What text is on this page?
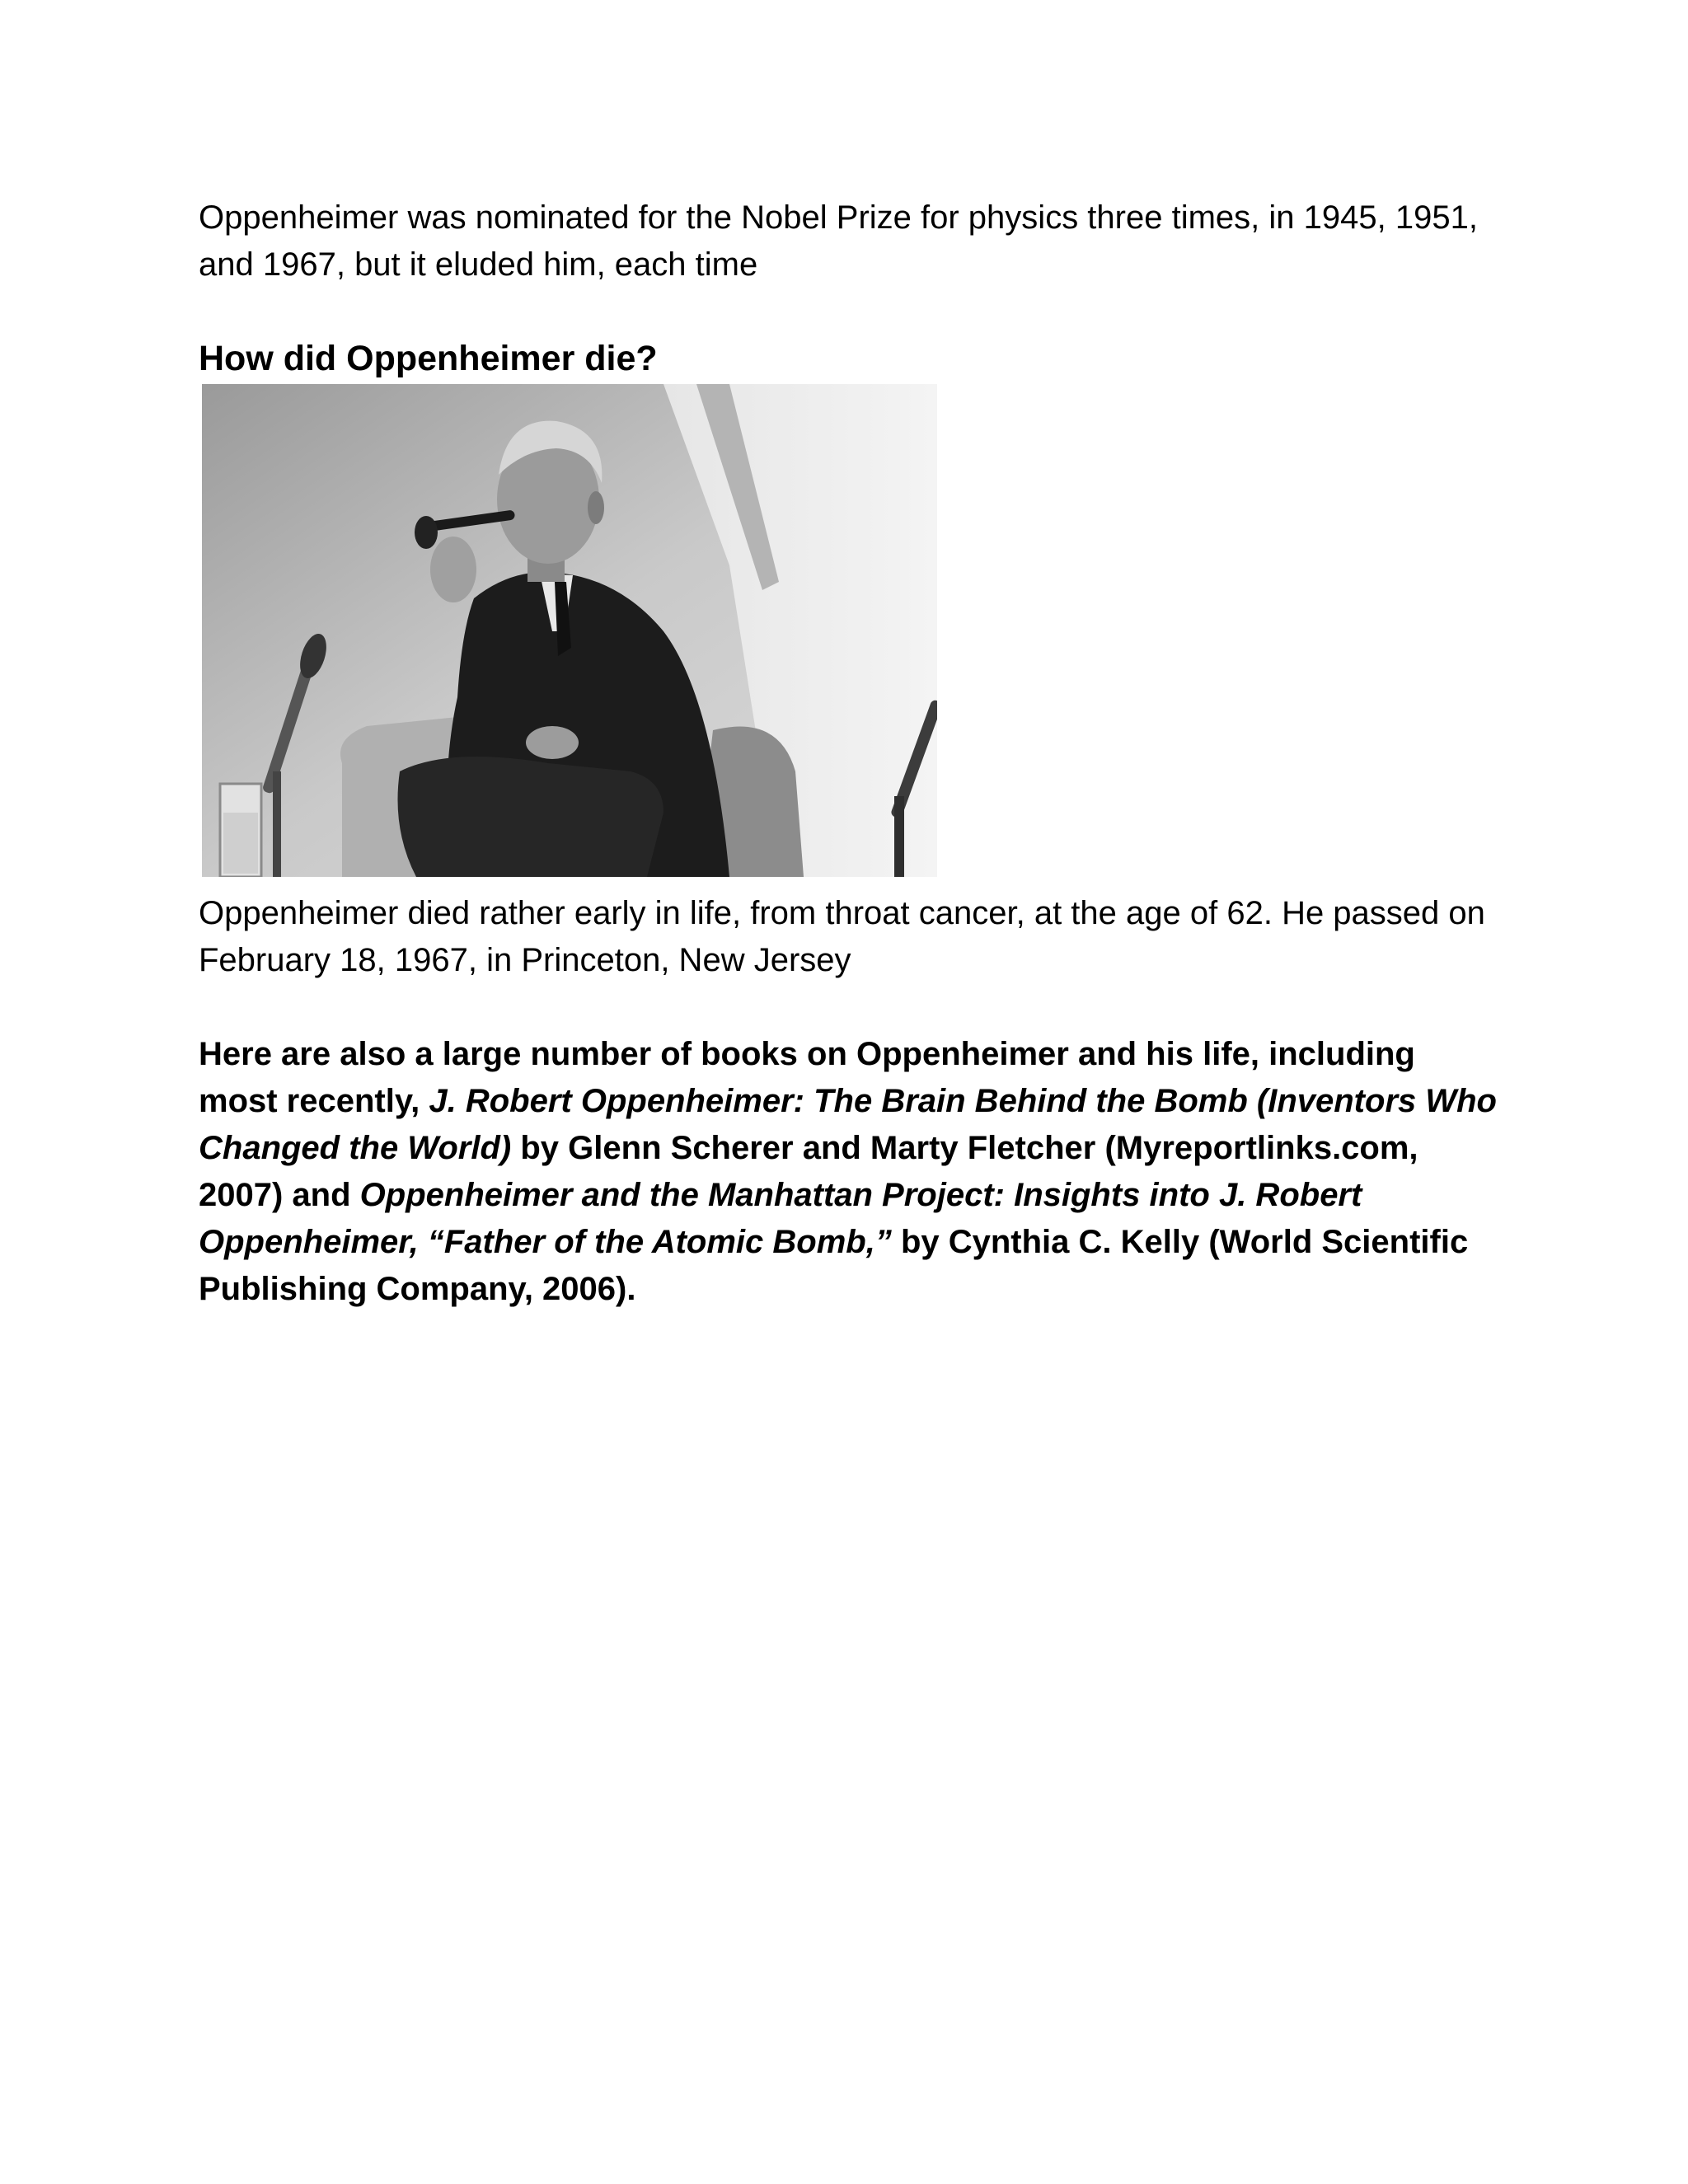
Oppenheimer was nominated for the Nobel Prize for physics three times, in 1945, 1951, and 1967, but it eluded him, each time

How did Oppenheimer die?

Oppenheimer died rather early in life, from throat cancer, at the age of 62. He passed on February 18, 1967, in Princeton, New Jersey

Here are also a large number of books on Oppenheimer and his life, including most recently, J. Robert Oppenheimer: The Brain Behind the Bomb (Inventors Who Changed the World) by Glenn Scherer and Marty Fletcher (Myreportlinks.com, 2007) and Oppenheimer and the Manhattan Project: Insights into J. Robert Oppenheimer, “Father of the Atomic Bomb,” by Cynthia C. Kelly (World Scientific Publishing Company, 2006).
